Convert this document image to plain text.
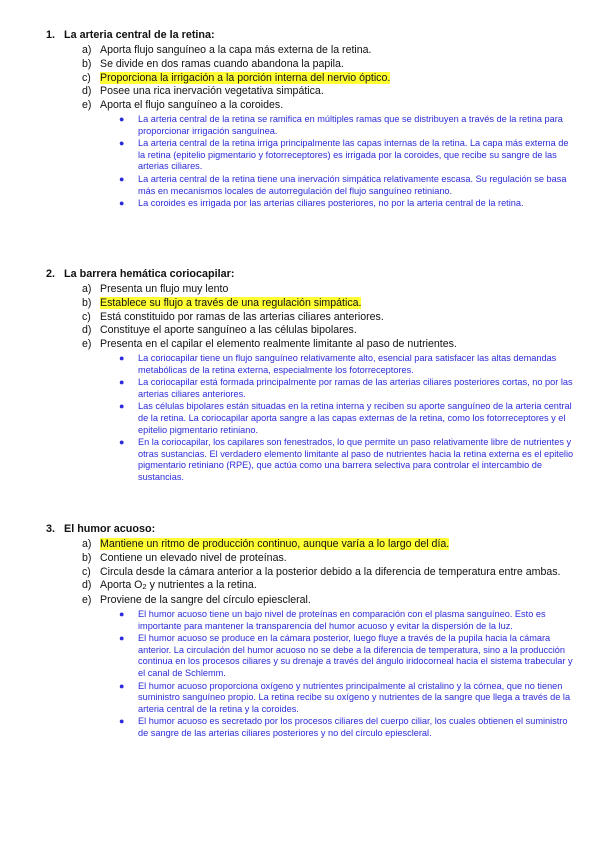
1. La arteria central de la retina:
a) Aporta flujo sanguíneo a la capa más externa de la retina.
b) Se divide en dos ramas cuando abandona la papila.
c) Proporciona la irrigación a la porción interna del nervio óptico.
d) Posee una rica inervación vegetativa simpática.
e) Aporta el flujo sanguíneo a la coroides.
● La arteria central de la retina se ramifica en múltiples ramas que se distribuyen a través de la retina para proporcionar irrigación sanguínea.
● La arteria central de la retina irriga principalmente las capas internas de la retina. La capa más externa de la retina (epitelio pigmentario y fotorreceptores) es irrigada por la coroides, que recibe su sangre de las arterias ciliares.
● La arteria central de la retina tiene una inervación simpática relativamente escasa. Su regulación se basa más en mecanismos locales de autorregulación del flujo sanguíneo retiniano.
● La coroides es irrigada por las arterias ciliares posteriores, no por la arteria central de la retina.
2. La barrera hemática coriocapilar:
a) Presenta un flujo muy lento
b) Establece su flujo a través de una regulación simpática.
c) Está constituido por ramas de las arterias ciliares anteriores.
d) Constituye el aporte sanguíneo a las células bipolares.
e) Presenta en el capilar el elemento realmente limitante al paso de nutrientes.
● La coriocapilar tiene un flujo sanguíneo relativamente alto, esencial para satisfacer las altas demandas metabólicas de la retina externa, especialmente los fotorreceptores.
● La coriocapilar está formada principalmente por ramas de las arterias ciliares posteriores cortas, no por las arterias ciliares anteriores.
● Las células bipolares están situadas en la retina interna y reciben su aporte sanguíneo de la arteria central de la retina. La coriocapilar aporta sangre a las capas externas de la retina, como los fotorreceptores y el epitelio pigmentario retiniano.
● En la coriocapilar, los capilares son fenestrados, lo que permite un paso relativamente libre de nutrientes y otras sustancias. El verdadero elemento limitante al paso de nutrientes hacia la retina externa es el epitelio pigmentario retiniano (RPE), que actúa como una barrera selectiva para controlar el intercambio de sustancias.
3. El humor acuoso:
a) Mantiene un ritmo de producción continuo, aunque varía a lo largo del día.
b) Contiene un elevado nivel de proteínas.
c) Circula desde la cámara anterior a la posterior debido a la diferencia de temperatura entre ambas.
d) Aporta O2 y nutrientes a la retina.
e) Proviene de la sangre del círculo epiescleral.
● El humor acuoso tiene un bajo nivel de proteínas en comparación con el plasma sanguíneo. Esto es importante para mantener la transparencia del humor acuoso y evitar la dispersión de la luz.
● El humor acuoso se produce en la cámara posterior, luego fluye a través de la pupila hacia la cámara anterior. La circulación del humor acuoso no se debe a la diferencia de temperatura, sino a la producción continua en los procesos ciliares y su drenaje a través del ángulo iridocorneal hacia el sistema trabecular y el canal de Schlemm.
● El humor acuoso proporciona oxígeno y nutrientes principalmente al cristalino y la córnea, que no tienen suministro sanguíneo propio. La retina recibe su oxígeno y nutrientes de la sangre que llega a través de la arteria central de la retina y la coroides.
● El humor acuoso es secretado por los procesos ciliares del cuerpo ciliar, los cuales obtienen el suministro de sangre de las arterias ciliares posteriores y no del círculo epiescleral.
